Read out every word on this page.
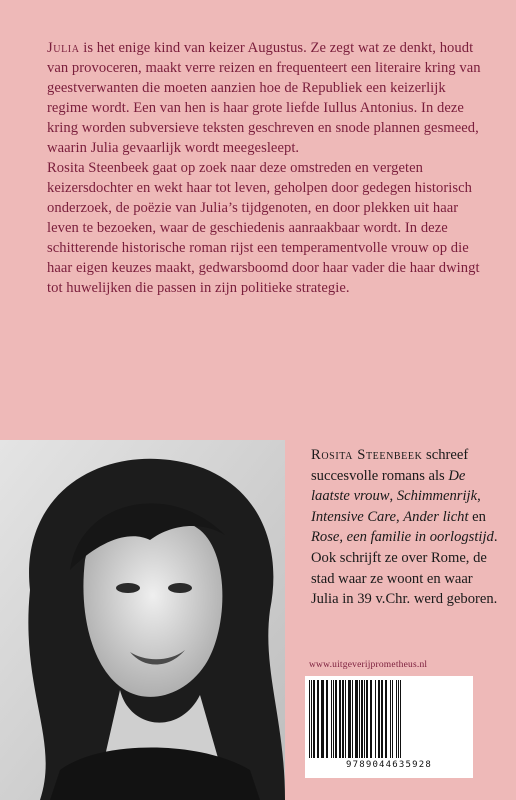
Julia is het enige kind van keizer Augustus. Ze zegt wat ze denkt, houdt van provoceren, maakt verre reizen en frequenteert een literaire kring van geestverwanten die moeten aanzien hoe de Republiek een keizerlijk regime wordt. Een van hen is haar grote liefde Iullus Antonius. In deze kring worden subversieve teksten geschreven en snode plannen gesmeed, waarin Julia gevaarlijk wordt meegesleept.

Rosita Steenbeek gaat op zoek naar deze omstreden en vergeten keizersdochter en wekt haar tot leven, geholpen door gedegen historisch onderzoek, de poëzie van Julia’s tijdgenoten, en door plekken uit haar leven te bezoeken, waar de geschiedenis aanraakbaar wordt. In deze schitterende historische roman rijst een temperamentvolle vrouw op die haar eigen keuzes maakt, gedwarsboomd door haar vader die haar dwingt tot huwelijken die passen in zijn politieke strategie.

Rosita Steenbeek schreef succesvolle romans als De laatste vrouw, Schimmenrijk, Intensive Care, Ander licht en Rose, een familie in oorlogstijd. Ook schrijft ze over Rome, de stad waar ze woont en waar Julia in 39 v.Chr. werd geboren.

www.uitgeverijprometheus.nl
9789044635928
